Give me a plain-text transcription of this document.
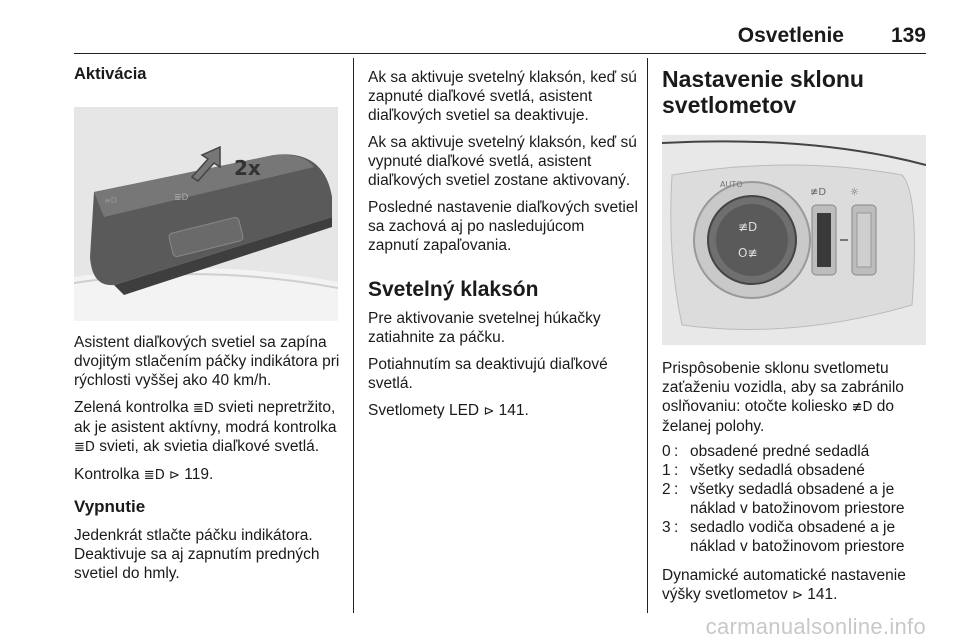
Osvetlenie 139
Aktivácia
≣D
≡D
2x

Asistent diaľkových svetiel sa zapína dvojitým stlačením páčky indikátora pri rýchlosti vyššej ako 40 km/h.

Zelená kontrolka ≣D svieti nepretržito, ak je asistent aktívny, modrá kontrolka ≣D svieti, ak svietia diaľkové svetlá.

Kontrolka ≣D ⊳ 119.

Vypnutie

Jedenkrát stlačte páčku indikátora. Deaktivuje sa aj zapnutím predných svetiel do hmly.

Ak sa aktivuje svetelný klaksón, keď sú zapnuté diaľkové svetlá, asistent diaľkových svetiel sa deaktivuje.

Ak sa aktivuje svetelný klaksón, keď sú vypnuté diaľkové svetlá, asistent diaľkových svetiel zostane aktivovaný.

Posledné nastavenie diaľkových svetiel sa zachová aj po nasledujúcom zapnutí zapaľovania.

Svetelný klaksón

Pre aktivovanie svetelnej húkačky zatiahnite za páčku.

Potiahnutím sa deaktivujú diaľkové svetlá.

Svetlomety LED ⊳ 141.

Nastavenie sklonu svetlometov
≢D
O≢
AUTO
≢D ☼

Prispôsobenie sklonu svetlometu zaťaženiu vozidla, aby sa zabránilo oslňovaniu: otočte koliesko ≢D do želanej polohy.

0 : obsadené predné sedadlá
1 : všetky sedadlá obsadené
2 : všetky sedadlá obsadené a je náklad v batožinovom priestore
3 : sedadlo vodiča obsadené a je náklad v batožinovom priestore

Dynamické automatické nastavenie výšky svetlometov ⊳ 141.

carmanualsonline.info
